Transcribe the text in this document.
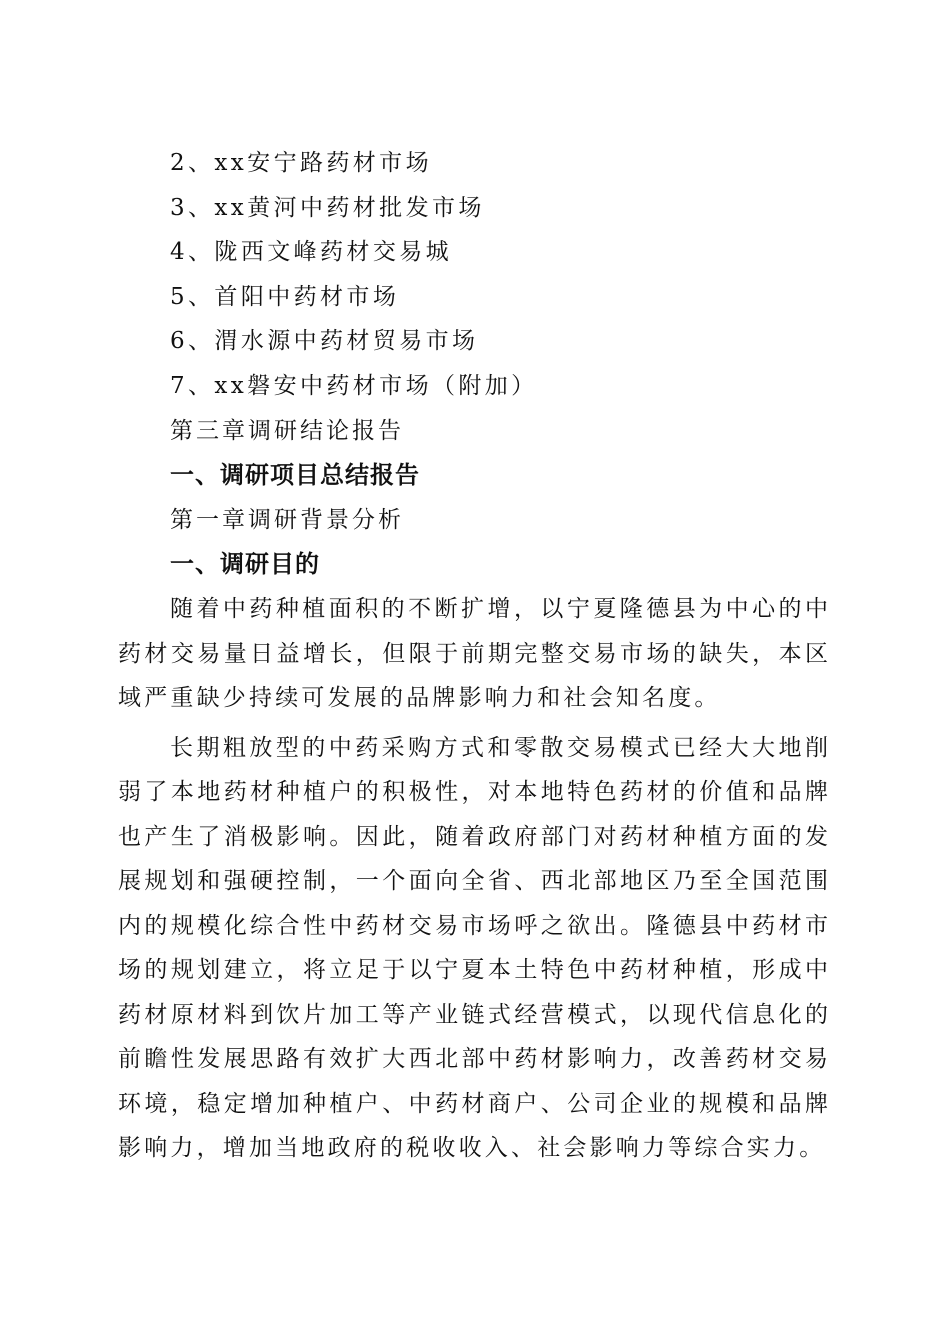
2、xx安宁路药材市场
3、xx黄河中药材批发市场
4、陇西文峰药材交易城
5、首阳中药材市场
6、渭水源中药材贸易市场
7、xx磐安中药材市场（附加）
第三章调研结论报告
一、调研项目总结报告
第一章调研背景分析
一、调研目的
随着中药种植面积的不断扩增，以宁夏隆德县为中心的中
药材交易量日益增长，但限于前期完整交易市场的缺失，本区
域严重缺少持续可发展的品牌影响力和社会知名度。
长期粗放型的中药采购方式和零散交易模式已经大大地削
弱了本地药材种植户的积极性，对本地特色药材的价值和品牌
也产生了消极影响。因此，随着政府部门对药材种植方面的发
展规划和强硬控制，一个面向全省、西北部地区乃至全国范围
内的规模化综合性中药材交易市场呼之欲出。隆德县中药材市
场的规划建立，将立足于以宁夏本土特色中药材种植，形成中
药材原材料到饮片加工等产业链式经营模式，以现代信息化的
前瞻性发展思路有效扩大西北部中药材影响力，改善药材交易
环境，稳定增加种植户、中药材商户、公司企业的规模和品牌
影响力，增加当地政府的税收收入、社会影响力等综合实力。
